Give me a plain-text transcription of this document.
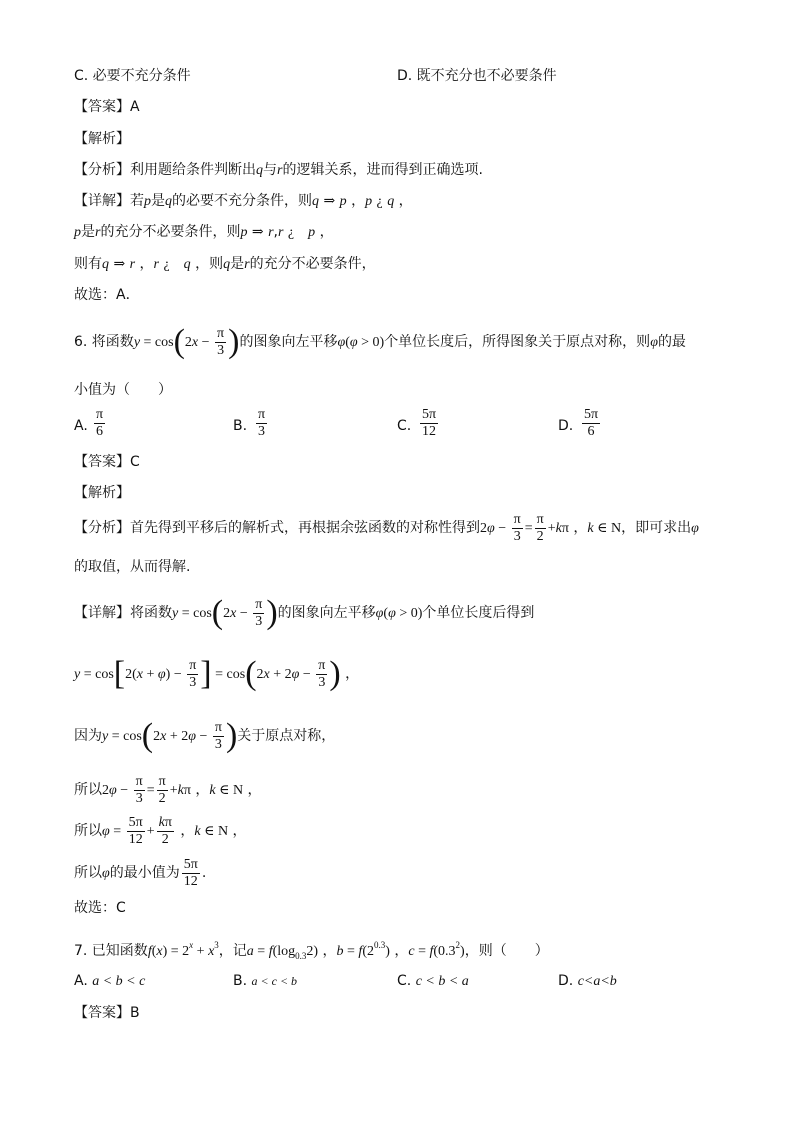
C. 必要不充分条件	D. 既不充分也不必要条件
【答案】A
【解析】
【分析】利用题给条件判断出q与r的逻辑关系，进而得到正确选项.
【详解】若p是q的必要不充分条件，则q ⇒ p ，p ¿ q ，
p是r的充分不必要条件，则p ⇒ r,r ¿　 p ，
则有q ⇒ r ，r ¿　 q ，则q是r的充分不必要条件，
故选：A．
6. 将函数$y = \cos(2x - \frac{\pi}{3}$ )的图象向左平移φ(φ > 0)个单位长度后，所得图象关于原点对称，则φ的最
小值为（　　）
A. $\frac{\pi}{6}$	B. $\frac{\pi}{3}$	C. $\frac{5\pi}{12}$	D. $\frac{5\pi}{6}$
【答案】C
【解析】
【分析】首先得到平移后的解析式，再根据余弦函数的对称性得到$2\varphi - \frac{\pi}{3} = \frac{\pi}{2} +k\pi$ ，k ∈ N，即可求出φ
的取值，从而得解.
【详解】将函数$y = \cos(2x - \frac{\pi}{3}$ )的图象向左平移φ(φ > 0)个单位长度后得到
$y = \cos[2(x + \varphi) - \frac{\pi}{3}$ ] = $\cos(2x + 2\varphi - \frac{\pi}{3}$ ) ，
因为$y = \cos(2x + 2\varphi - \frac{\pi}{3}$ )关于原点对称，
所以$2\varphi - \frac{\pi}{3} = \frac{\pi}{2} +k\pi$ ，k ∈ N ，
所以$\varphi = \frac{5\pi}{12} + \frac{k\pi}{2}$ ，k ∈ N ，
所以φ的最小值为 $\frac{5\pi}{12}$ .
故选：C
7. 已知函数$f(x) = 2^x + x^3$，记$a = f(\log_{0.3}2)$ ，$b = f(2^{0.3})$ ，$c = f(0.3^2)$，则（　　）
A. a < b < c	B. a < c < b	C. c < b < a	D. c<a<b
【答案】B
